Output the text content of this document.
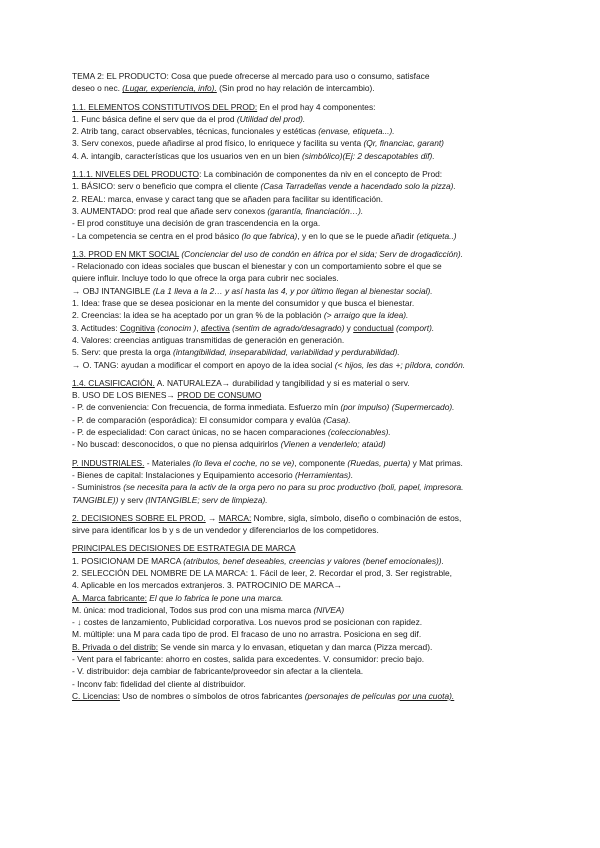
TEMA 2: EL PRODUCTO: Cosa que puede ofrecerse al mercado para uso o consumo, satisface
deseo o nec. (Lugar, experiencia, info). (Sin prod no hay relación de intercambio).
1.1. ELEMENTOS CONSTITUTIVOS DEL PROD: En el prod hay 4 componentes:
1. Func básica define el serv que da el prod (Utilidad del prod).
2. Atrib tang, caract observables, técnicas, funcionales y estéticas (envase, etiqueta...).
3. Serv conexos, puede añadirse al prod físico, lo enriquece y facilita su venta (Qr, financiac, garant)
4. A. intangib, características que los usuarios ven en un bien (simbólico)(Ej: 2 descapotables dif).
1.1.1. NIVELES DEL PRODUCTO: La combinación de componentes da niv en el concepto de Prod:
1. BÁSICO: serv o beneficio que compra el cliente (Casa Tarradellas vende a hacendado solo la pizza).
2. REAL: marca, envase y caract tang que se añaden para facilitar su identificación.
3. AUMENTADO: prod real que añade serv conexos (garantía, financiación…).
- El prod constituye una decisión de gran trascendencia en la orga.
- La competencia se centra en el prod básico (lo que fabrica), y en lo que se le puede añadir (etiqueta..)
1.3. PROD EN MKT SOCIAL (Concienciar del uso de condón en áfrica por el sida; Serv de drogadicción).
- Relacionado con ideas sociales que buscan el bienestar y con un comportamiento sobre el que se
quiere influir. Incluye todo lo que ofrece la orga para cubrir nec sociales.
→ OBJ INTANGIBLE (La 1 lleva a la 2… y así hasta las 4, y por último llegan al bienestar social).
1. Idea: frase que se desea posicionar en la mente del consumidor y que busca el bienestar.
2. Creencias: la idea se ha aceptado por un gran % de la población (> arraigo que la idea).
3. Actitudes: Cognitiva (conocim ), afectiva (sentim de agrado/desagrado) y conductual (comport).
4. Valores: creencias antiguas transmitidas de generación en generación.
5. Serv: que presta la orga (intangibilidad, inseparabilidad, variabilidad y perdurabilidad).
→ O. TANG: ayudan a modificar el comport en apoyo de la idea social (< hijos, les das +; píldora, condón.
1.4. CLASIFICACIÓN. A. NATURALEZA→ durabilidad y tangibilidad y si es material o serv.
B. USO DE LOS BIENES→ PROD DE CONSUMO
- P. de conveniencia: Con frecuencia, de forma inmediata. Esfuerzo mín (por impulso) (Supermercado).
- P. de comparación (esporádica): El consumidor compara y evalúa (Casa).
- P. de especialidad: Con caract únicas, no se hacen comparaciones (coleccionables).
- No buscad: desconocidos, o que no piensa adquirirlos (Vienen a venderlelo; ataúd)
P. INDUSTRIALES. - Materiales (lo lleva el coche, no se ve), componente (Ruedas, puerta) y Mat primas.
- Bienes de capital: Instalaciones y Equipamiento accesorio (Herramientas).
- Suministros (se necesita para la activ de la orga pero no para su proc productivo (boli, papel, impresora.
TANGIBLE)) y serv (INTANGIBLE; serv de limpieza).
2. DECISIONES SOBRE EL PROD. → MARCA: Nombre, sigla, símbolo, diseño o combinación de estos,
sirve para identificar los b y s de un vendedor y diferenciarlos de los competidores.
PRINCIPALES DECISIONES DE ESTRATEGIA DE MARCA
1. POSICIONAM DE MARCA (atributos, benef deseables, creencias y valores (benef emocionales)).
2. SELECCIÓN DEL NOMBRE DE LA MARCA: 1. Fácil de leer, 2. Recordar el prod, 3. Ser registrable,
4. Aplicable en los mercados extranjeros. 3. PATROCINIO DE MARCA→
A. Marca fabricante: El que lo fabrica le pone una marca.
M. única: mod tradicional, Todos sus prod con una misma marca (NIVEA)
- ↓ costes de lanzamiento, Publicidad corporativa. Los nuevos prod se posicionan con rapidez.
M. múltiple: una M para cada tipo de prod. El fracaso de uno no arrastra. Posiciona en seg dif.
B. Privada o del distrib: Se vende sin marca y lo envasan, etiquetan y dan marca (Pizza mercad).
- Vent para el fabricante: ahorro en costes, salida para excedentes. V. consumidor: precio bajo.
- V. distribuidor: deja cambiar de fabricante/proveedor sin afectar a la clientela.
- Inconv fab: fidelidad del cliente al distribuidor.
C. Licencias: Uso de nombres o símbolos de otros fabricantes (personajes de películas por una cuota).
